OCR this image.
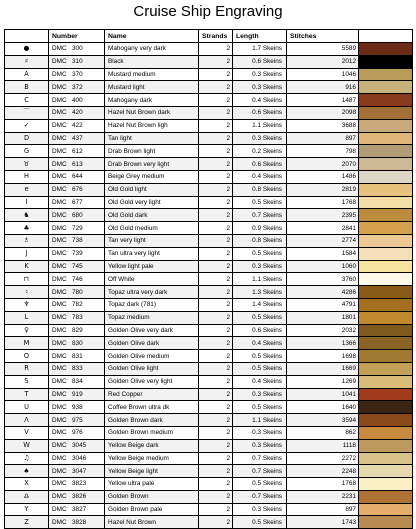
Cruise Ship Engraving
	Number	Name	Strands	Length	Stitches	
●	DMC 300	Mahogany very dark	2	1.7 Skeins	5589	
♯	DMC 310	Black	2	0.6 Skeins	2012	
A	DMC 370	Mustard medium	2	0.3 Skeins	1046	
B	DMC 372	Mustard light	2	0.3 Skeins	916	
C	DMC 400	Mahogany dark	2	0.4 Skeins	1487	
⌒	DMC 420	Hazel Nut Brown dark	2	0.6 Skeins	2098	
✓	DMC 422	Hazel Nut Brown ligh	2	1.1 Skeins	3688	
D	DMC 437	Tan light	2	0.3 Skeins	897	
G	DMC 612	Drab Brown light	2	0.2 Skeins	798	
♉	DMC 613	Drab Brown very light	2	0.6 Skeins	2070	
H	DMC 644	Beige Grey medium	2	0.4 Skeins	1486	
e	DMC 676	Old Gold light	2	0.8 Skeins	2819	
I	DMC 677	Old Gold very light	2	0.5 Skeins	1768	
♞	DMC 680	Old Gold dark	2	0.7 Skeins	2395	
♣	DMC 729	Old Gold medium	2	0.9 Skeins	2841	
♗	DMC 738	Tan very light	2	0.8 Skeins	2774	
J	DMC 739	Tan ultra very light	2	0.5 Skeins	1584	
K	DMC 745	Yellow light pale	2	0.3 Skeins	1060	
⊓	DMC 746	Off White	2	1.1 Skeins	3760	
♮	DMC 780	Topaz ultra very dark	2	1.3 Skeins	4286	
♆	DMC 782	Topaz dark (781)	2	1.4 Skeins	4791	
L	DMC 783	Topaz medium	2	0.5 Skeins	1801	
♀	DMC 829	Golden Olive very dark	2	0.6 Skeins	2032	
M	DMC 830	Golden Olive dark	2	0.4 Skeins	1366	
O	DMC 831	Golden Olive medium	2	0.5 Skeins	1698	
R	DMC 833	Golden Olive light	2	0.5 Skeins	1669	
S	DMC 834	Golden Olive very light	2	0.4 Skeins	1269	
T	DMC 919	Red Copper	2	0.3 Skeins	1041	
U	DMC 938	Coffee Brown ultra dk	2	0.5 Skeins	1640	
Λ	DMC 975	Golden Brown dark	2	1.1 Skeins	3594	
V	DMC 976	Golden Brown medium	2	0.3 Skeins	862	
W	DMC 3045	Yellow Beige dark	2	0.3 Skeins	1118	
♫	DMC 3046	Yellow Beige medium	2	0.7 Skeins	2272	
♠	DMC 3047	Yellow Beige light	2	0.7 Skeins	2248	
X	DMC 3823	Yellow ultra pale	2	0.5 Skeins	1768	
♎	DMC 3826	Golden Brown	2	0.7 Skeins	2231	
Y	DMC 3827	Golden Brown pale	2	0.3 Skeins	897	
Z	DMC 3828	Hazel Nut Brown	2	0.5 Skeins	1743	
